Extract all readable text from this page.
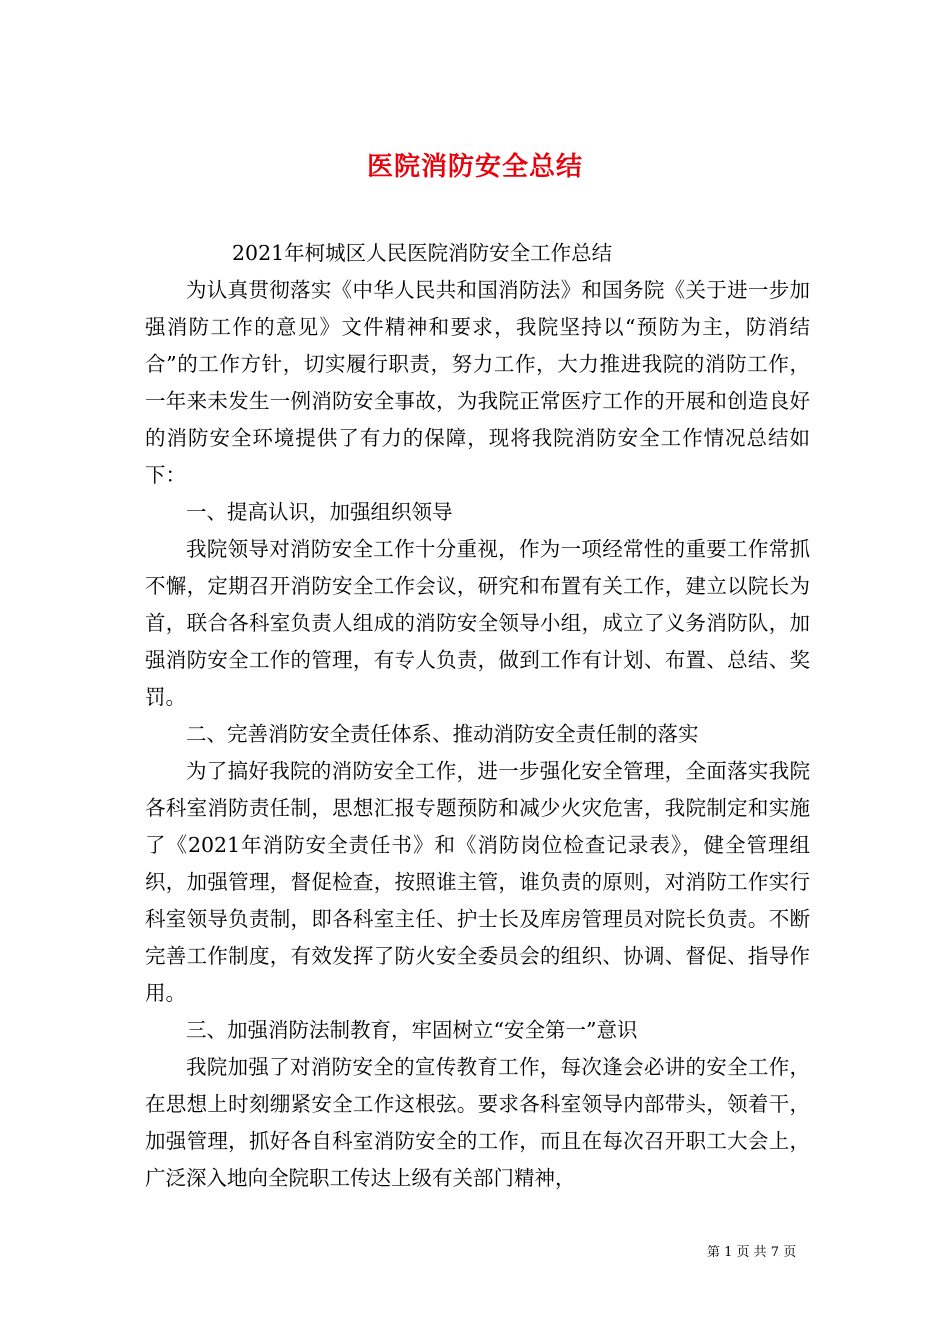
医院消防安全总结

2021年柯城区人民医院消防安全工作总结

为认真贯彻落实《中华人民共和国消防法》和国务院《关于进一步加强消防工作的意见》文件精神和要求，我院坚持以“预防为主，防消结合”的工作方针，切实履行职责，努力工作，大力推进我院的消防工作，一年来未发生一例消防安全事故，为我院正常医疗工作的开展和创造良好的消防安全环境提供了有力的保障，现将我院消防安全工作情况总结如下：

一、提高认识，加强组织领导

我院领导对消防安全工作十分重视，作为一项经常性的重要工作常抓不懈，定期召开消防安全工作会议，研究和布置有关工作，建立以院长为首，联合各科室负责人组成的消防安全领导小组，成立了义务消防队，加强消防安全工作的管理，有专人负责，做到工作有计划、布置、总结、奖罚。

二、完善消防安全责任体系、推动消防安全责任制的落实

为了搞好我院的消防安全工作，进一步强化安全管理，全面落实我院各科室消防责任制，思想汇报专题预防和减少火灾危害，我院制定和实施了《2021年消防安全责任书》和《消防岗位检查记录表》，健全管理组织，加强管理，督促检查，按照谁主管，谁负责的原则，对消防工作实行科室领导负责制，即各科室主任、护士长及库房管理员对院长负责。不断完善工作制度，有效发挥了防火安全委员会的组织、协调、督促、指导作用。

三、加强消防法制教育，牢固树立“安全第一”意识

我院加强了对消防安全的宣传教育工作，每次逢会必讲的安全工作，在思想上时刻绷紧安全工作这根弦。要求各科室领导内部带头，领着干，加强管理，抓好各自科室消防安全的工作，而且在每次召开职工大会上，广泛深入地向全院职工传达上级有关部门精神，

第 1 页 共 7 页
